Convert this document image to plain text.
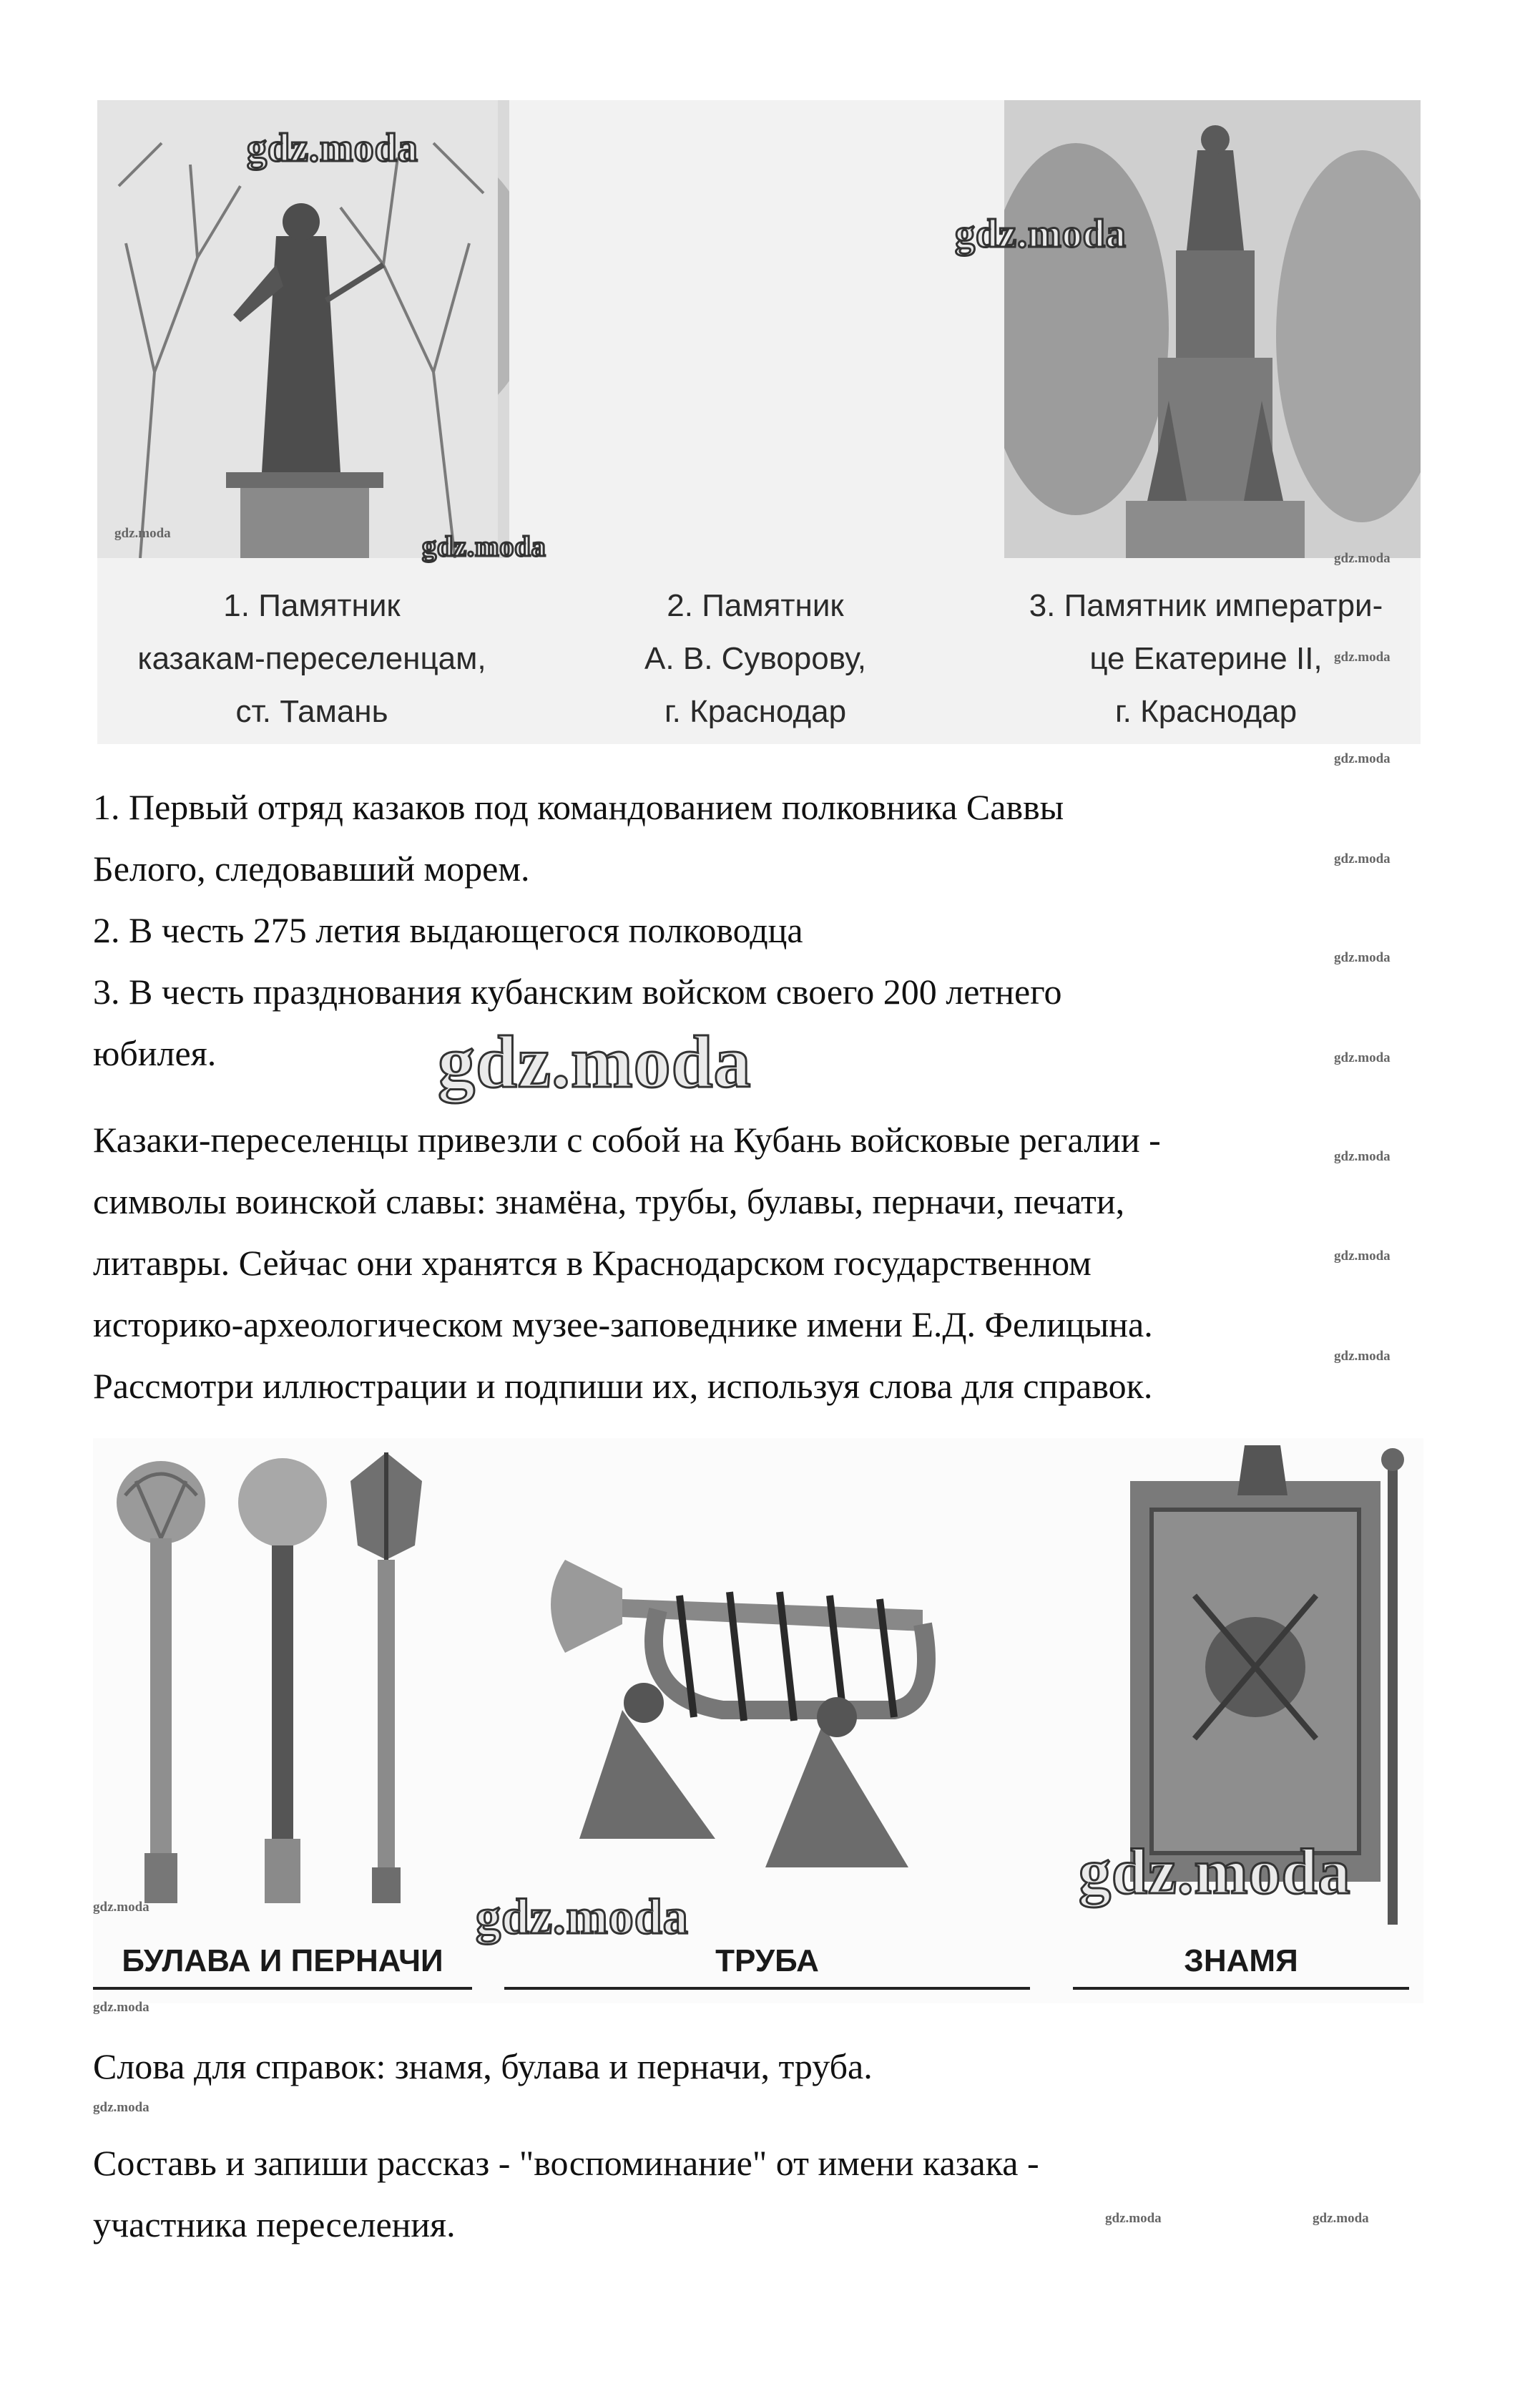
1. Памятник
казакам-переселенцам,
ст. Тамань
2. Памятник
А. В. Суворову,
г. Краснодар
3. Памятник императри-
це Екатерине II,
г. Краснодар
1. Первый отряд казаков под командованием полковника Саввы
Белого, следовавший морем.
2. В честь 275 летия выдающегося полководца
3. В честь празднования кубанским войском своего 200 летнего
юбилея.
Казаки-переселенцы привезли с собой на Кубань войсковые регалии -
символы воинской славы: знамёна, трубы, булавы, перначи, печати,
литавры. Сейчас они хранятся в Краснодарском государственном
историко-археологическом музее-заповеднике имени Е.Д. Фелицына.
Рассмотри иллюстрации и подпиши их, используя слова для справок.
БУЛАВА И ПЕРНАЧИ	ТРУБА	ЗНАМЯ
Слова для справок: знамя, булава и перначи, труба.
Составь и запиши рассказ - "воспоминание" от имени казака -
участника переселения.
gdz.moda
gdz.moda
gdz.moda
gdz.moda
gdz.moda
gdz.moda
gdz.moda
gdz.moda
gdz.moda
gdz.moda
gdz.moda
gdz.moda
gdz.moda
gdz.moda
gdz.moda
gdz.moda
gdz.moda
gdz.moda
gdz.moda
gdz.moda	gdz.moda
